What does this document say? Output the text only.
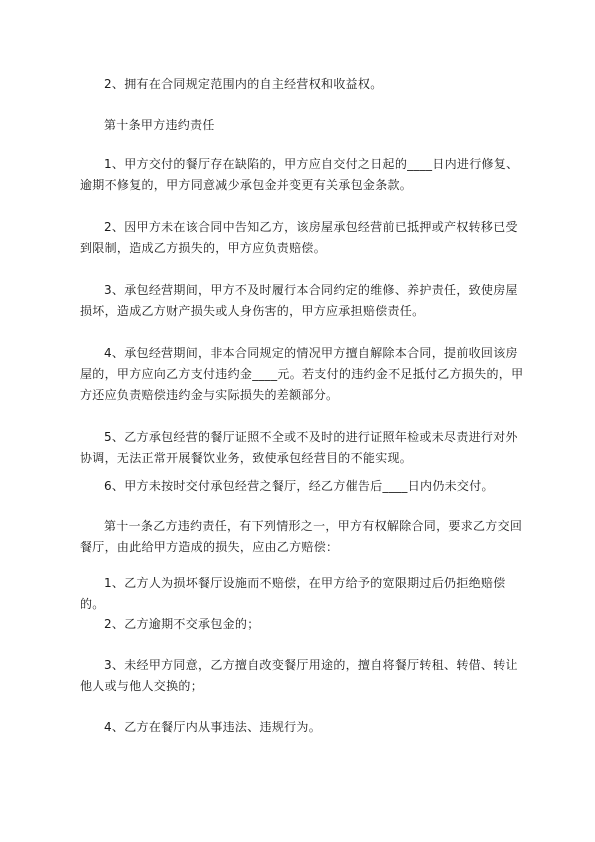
2、拥有在合同规定范围内的自主经营权和收益权。

第十条甲方违约责任

1、甲方交付的餐厅存在缺陷的，甲方应自交付之日起的____日内进行修复、逾期不修复的，甲方同意减少承包金并变更有关承包金条款。

2、因甲方未在该合同中告知乙方，该房屋承包经营前已抵押或产权转移已受到限制，造成乙方损失的，甲方应负责赔偿。

3、承包经营期间，甲方不及时履行本合同约定的维修、养护责任，致使房屋损坏，造成乙方财产损失或人身伤害的，甲方应承担赔偿责任。

4、承包经营期间，非本合同规定的情况甲方擅自解除本合同，提前收回该房屋的，甲方应向乙方支付违约金____元。若支付的违约金不足抵付乙方损失的，甲方还应负责赔偿违约金与实际损失的差额部分。

5、乙方承包经营的餐厅证照不全或不及时的进行证照年检或未尽责进行对外协调，无法正常开展餐饮业务，致使承包经营目的不能实现。

6、甲方未按时交付承包经营之餐厅，经乙方催告后____日内仍未交付。

第十一条乙方违约责任，有下列情形之一，甲方有权解除合同，要求乙方交回餐厅，由此给甲方造成的损失，应由乙方赔偿：

1、乙方人为损坏餐厅设施而不赔偿，在甲方给予的宽限期过后仍拒绝赔偿的。

2、乙方逾期不交承包金的；

3、未经甲方同意，乙方擅自改变餐厅用途的，擅自将餐厅转租、转借、转让他人或与他人交换的；

4、乙方在餐厅内从事违法、违规行为。
